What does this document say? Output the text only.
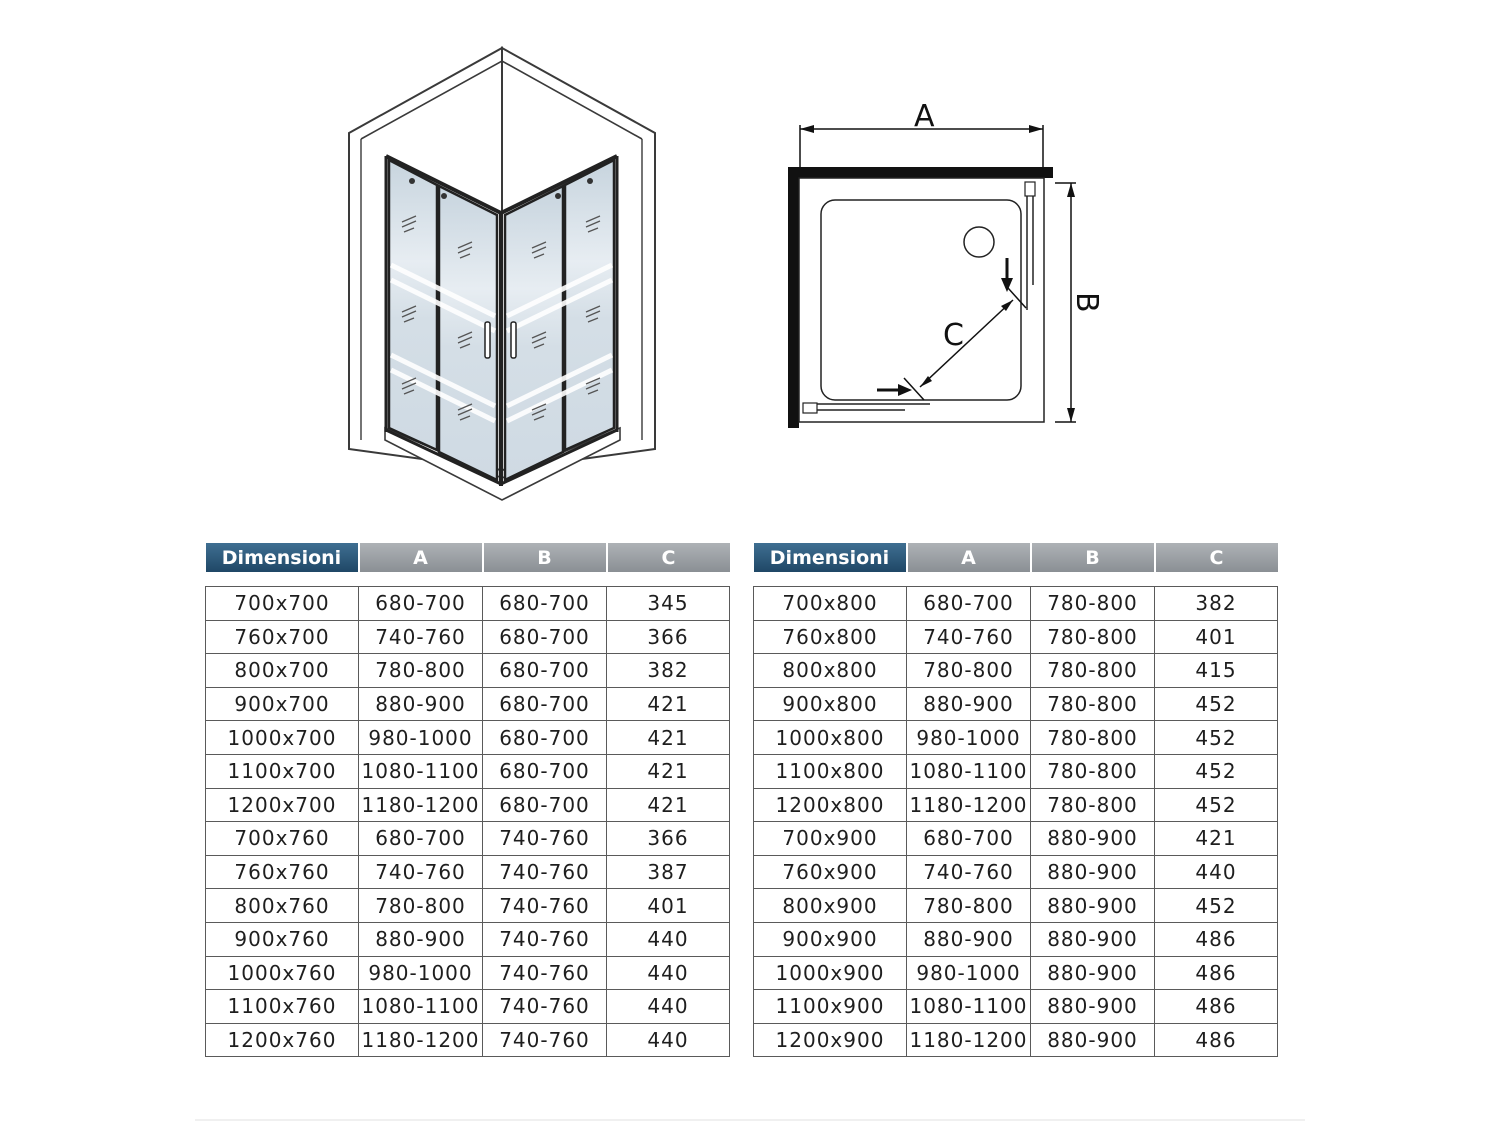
A
C
B
Dimensioni	A	B	C

700x700	680-700	680-700	345
760x700	740-760	680-700	366
800x700	780-800	680-700	382
900x700	880-900	680-700	421
1000x700	980-1000	680-700	421
1100x700	1080-1100	680-700	421
1200x700	1180-1200	680-700	421
700x760	680-700	740-760	366
760x760	740-760	740-760	387
800x760	780-800	740-760	401
900x760	880-900	740-760	440
1000x760	980-1000	740-760	440
1100x760	1080-1100	740-760	440
1200x760	1180-1200	740-760	440
Dimensioni	A	B	C

700x800	680-700	780-800	382
760x800	740-760	780-800	401
800x800	780-800	780-800	415
900x800	880-900	780-800	452
1000x800	980-1000	780-800	452
1100x800	1080-1100	780-800	452
1200x800	1180-1200	780-800	452
700x900	680-700	880-900	421
760x900	740-760	880-900	440
800x900	780-800	880-900	452
900x900	880-900	880-900	486
1000x900	980-1000	880-900	486
1100x900	1080-1100	880-900	486
1200x900	1180-1200	880-900	486
